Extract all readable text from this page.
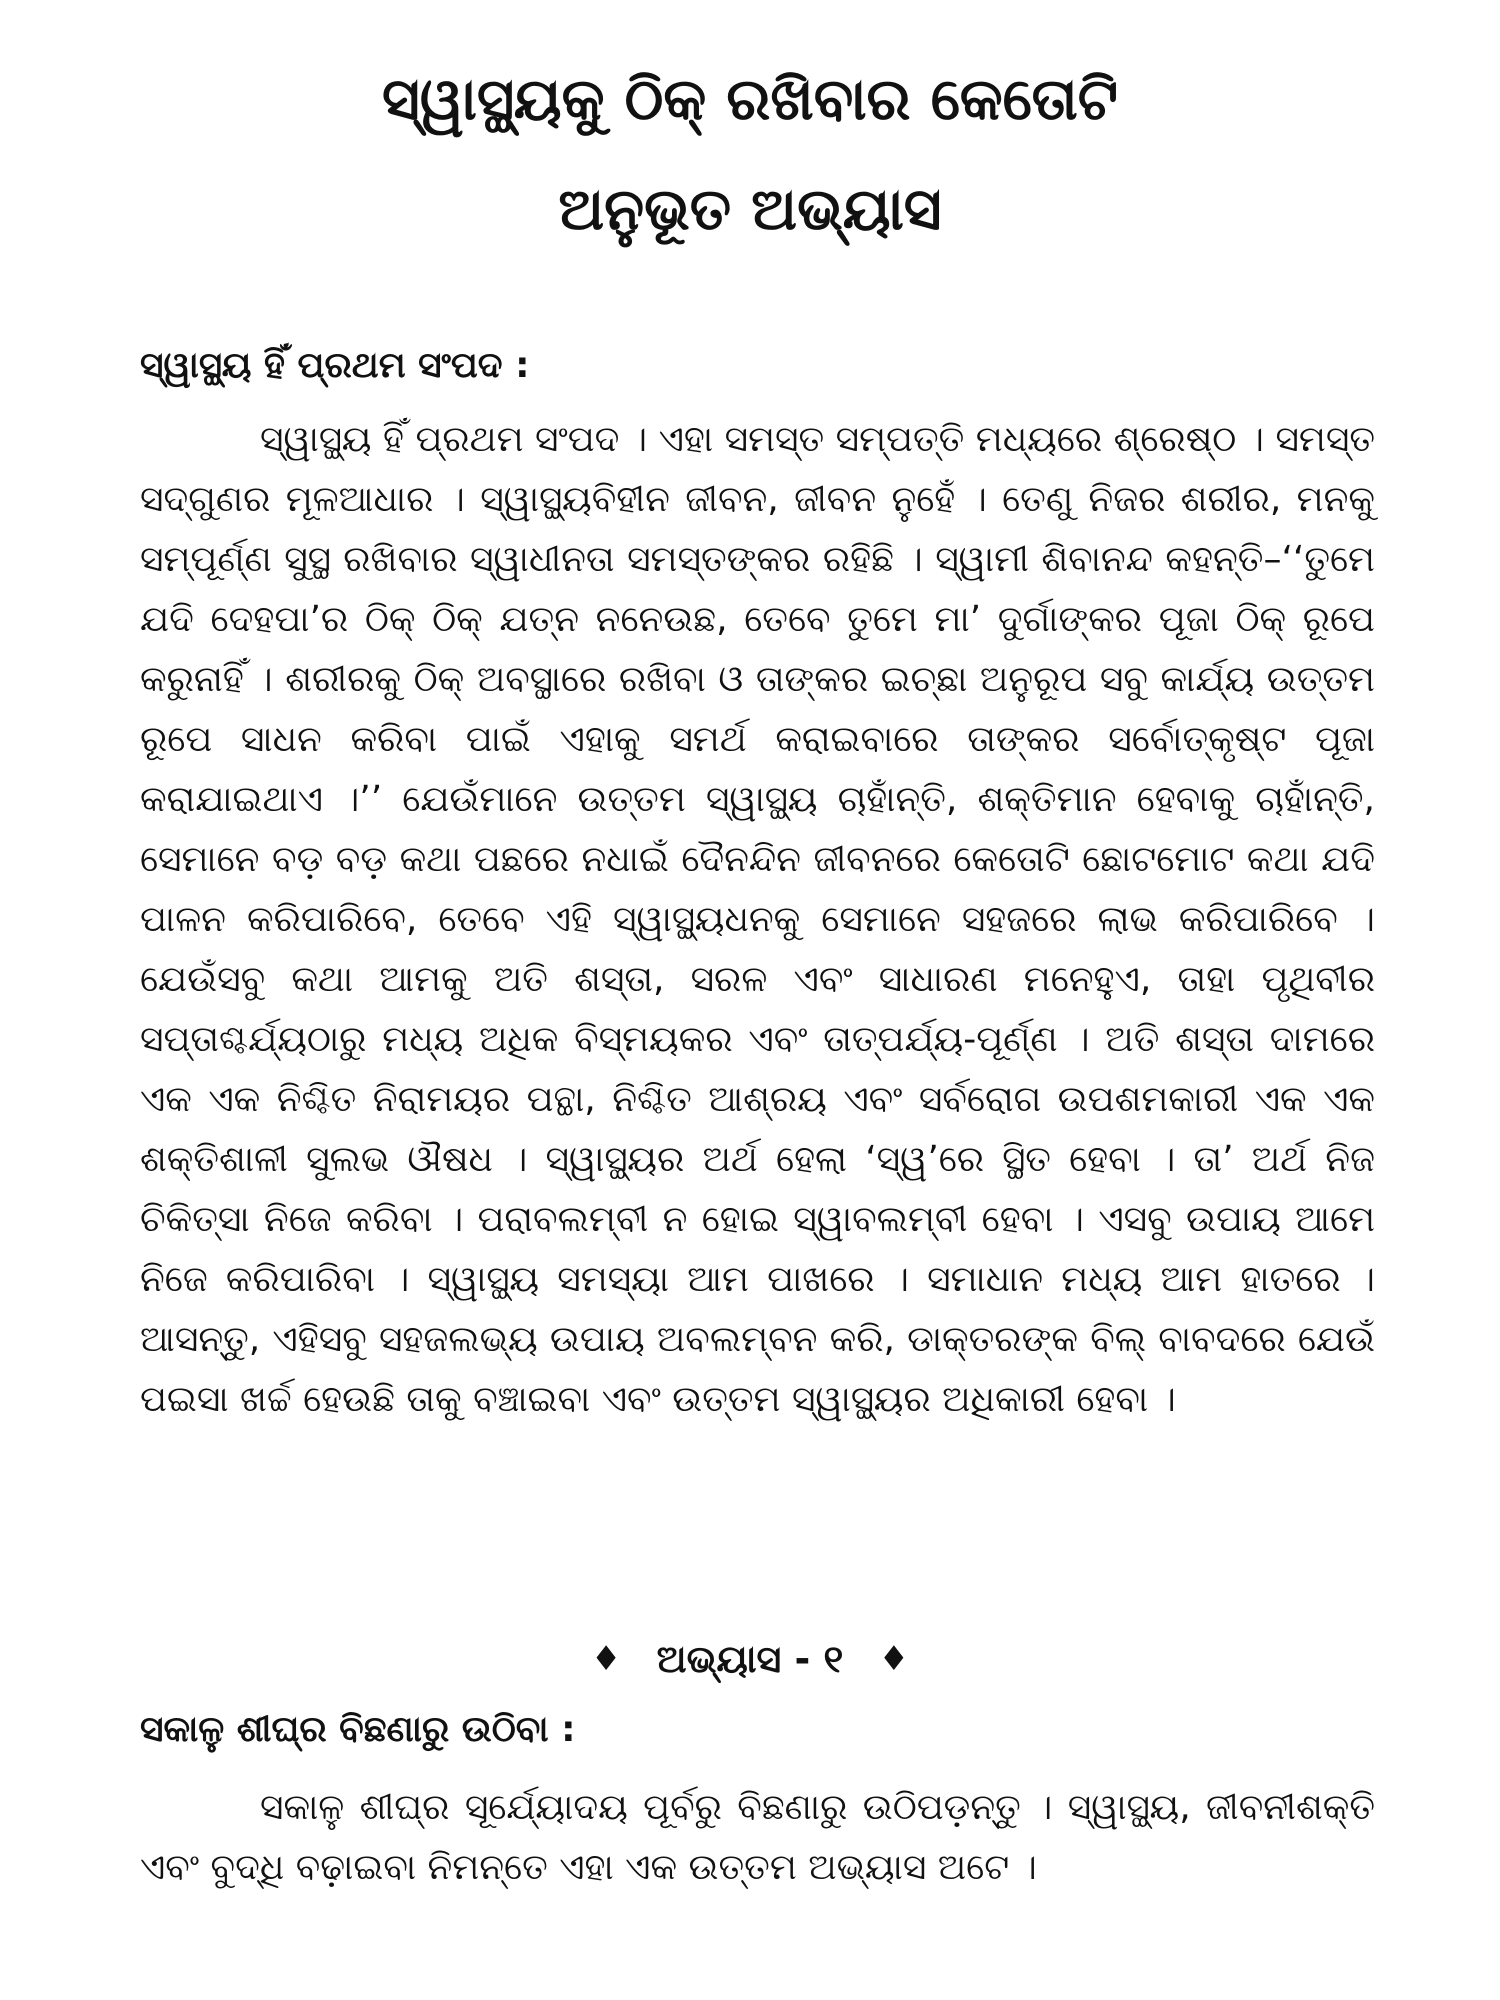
ସ୍ୱାସ୍ଥ୍ୟକୁ ଠିକ୍ ରଖିବାର କେତୋଟି
ଅନୁଭୂତ ଅଭ୍ୟାସ
ସ୍ୱାସ୍ଥ୍ୟ ହିଁ ପ୍ରଥମ ସଂପଦ :

ସ୍ୱାସ୍ଥ୍ୟ ହିଁ ପ୍ରଥମ ସଂପଦ । ଏହା ସମସ୍ତ ସମ୍ପତ୍ତି ମଧ୍ୟରେ ଶ୍ରେଷ୍ଠ । ସମସ୍ତ ସଦ୍‌ଗୁଣର ମୂଳଆଧାର । ସ୍ୱାସ୍ଥ୍ୟବିହୀନ ଜୀବନ, ଜୀବନ ନୁହେଁ । ତେଣୁ ନିଜର ଶରୀର, ମନକୁ ସମ୍ପୂର୍ଣ୍ଣ ସୁସ୍ଥ ରଖିବାର ସ୍ୱାଧୀନତା ସମସ୍ତଙ୍କର ରହିଛି । ସ୍ୱାମୀ ଶିବାନନ୍ଦ କହନ୍ତି–‘‘ତୁମେ ଯଦି ଦେହପା’ର ଠିକ୍ ଠିକ୍ ଯତ୍ନ ନନେଉଛ, ତେବେ ତୁମେ ମା’ ଦୁର୍ଗାଙ୍କର ପୂଜା ଠିକ୍ ରୂପେ କରୁନାହିଁ । ଶରୀରକୁ ଠିକ୍ ଅବସ୍ଥାରେ ରଖିବା ଓ ତାଙ୍କର ଇଚ୍ଛା ଅନୁରୂପ ସବୁ କାର୍ଯ୍ୟ ଉତ୍ତମ ରୂପେ ସାଧନ କରିବା ପାଇଁ ଏହାକୁ ସମର୍ଥ କରାଇବାରେ ତାଙ୍କର ସର୍ବୋତ୍କୃଷ୍ଟ ପୂଜା କରାଯାଇଥାଏ ।’’ ଯେଉଁମାନେ ଉତ୍ତମ ସ୍ୱାସ୍ଥ୍ୟ ଚାହାଁନ୍ତି, ଶକ୍ତିମାନ ହେବାକୁ ଚାହାଁନ୍ତି, ସେମାନେ ବଡ଼ ବଡ଼ କଥା ପଛରେ ନଧାଇଁ ଦୈନନ୍ଦିନ ଜୀବନରେ କେତୋଟି ଛୋଟମୋଟ କଥା ଯଦି ପାଳନ କରିପାରିବେ, ତେବେ ଏହି ସ୍ୱାସ୍ଥ୍ୟଧନକୁ ସେମାନେ ସହଜରେ ଲାଭ କରିପାରିବେ । ଯେଉଁସବୁ କଥା ଆମକୁ ଅତି ଶସ୍ତା, ସରଳ ଏବଂ ସାଧାରଣ ମନେହୁଏ, ତାହା ପୃଥିବୀର ସପ୍ତାଶ୍ଚର୍ଯ୍ୟଠାରୁ ମଧ୍ୟ ଅଧିକ ବିସ୍ମୟକର ଏବଂ ତାତ୍ପର୍ଯ୍ୟ-ପୂର୍ଣ୍ଣ । ଅତି ଶସ୍ତା ଦାମରେ ଏକ ଏକ ନିଶ୍ଚିତ ନିରାମୟର ପନ୍ଥା, ନିଶ୍ଚିତ ଆଶ୍ରୟ ଏବଂ ସର୍ବରୋଗ ଉପଶମକାରୀ ଏକ ଏକ ଶକ୍ତିଶାଳୀ ସୁଲଭ ଔଷଧ । ସ୍ୱାସ୍ଥ୍ୟର ଅର୍ଥ ହେଲା ‘ସ୍ୱ’ରେ ସ୍ଥିତ ହେବା । ତା’ ଅର୍ଥ ନିଜ ଚିକିତ୍ସା ନିଜେ କରିବା । ପରାବଲମ୍ବୀ ନ ହୋଇ ସ୍ୱାବଲମ୍ବୀ ହେବା । ଏସବୁ ଉପାୟ ଆମେ ନିଜେ କରିପାରିବା । ସ୍ୱାସ୍ଥ୍ୟ ସମସ୍ୟା ଆମ ପାଖରେ । ସମାଧାନ ମଧ୍ୟ ଆମ ହାତରେ । ଆସନ୍ତୁ, ଏହିସବୁ ସହଜଲଭ୍ୟ ଉପାୟ ଅବଲମ୍ବନ କରି, ଡାକ୍ତରଙ୍କ ବିଲ୍ ବାବଦରେ ଯେଉଁ ପଇସା ଖର୍ଚ୍ଚ ହେଉଛି ତାକୁ ବଞ୍ଚାଇବା ଏବଂ ଉତ୍ତମ ସ୍ୱାସ୍ଥ୍ୟର ଅଧିକାରୀ ହେବା ।

♦ ଅଭ୍ୟାସ - ୧ ♦
ସକାଳୁ ଶୀଘ୍ର ବିଛଣାରୁ ଉଠିବା :

ସକାଳୁ ଶୀଘ୍ର ସୂର୍ଯ୍ୟୋଦୟ ପୂର୍ବରୁ ବିଛଣାରୁ ଉଠିପଡ଼ନ୍ତୁ । ସ୍ୱାସ୍ଥ୍ୟ, ଜୀବନୀଶକ୍ତି ଏବଂ ବୁଦ୍ଧି ବଢ଼ାଇବା ନିମନ୍ତେ ଏହା ଏକ ଉତ୍ତମ ଅଭ୍ୟାସ ଅଟେ ।
